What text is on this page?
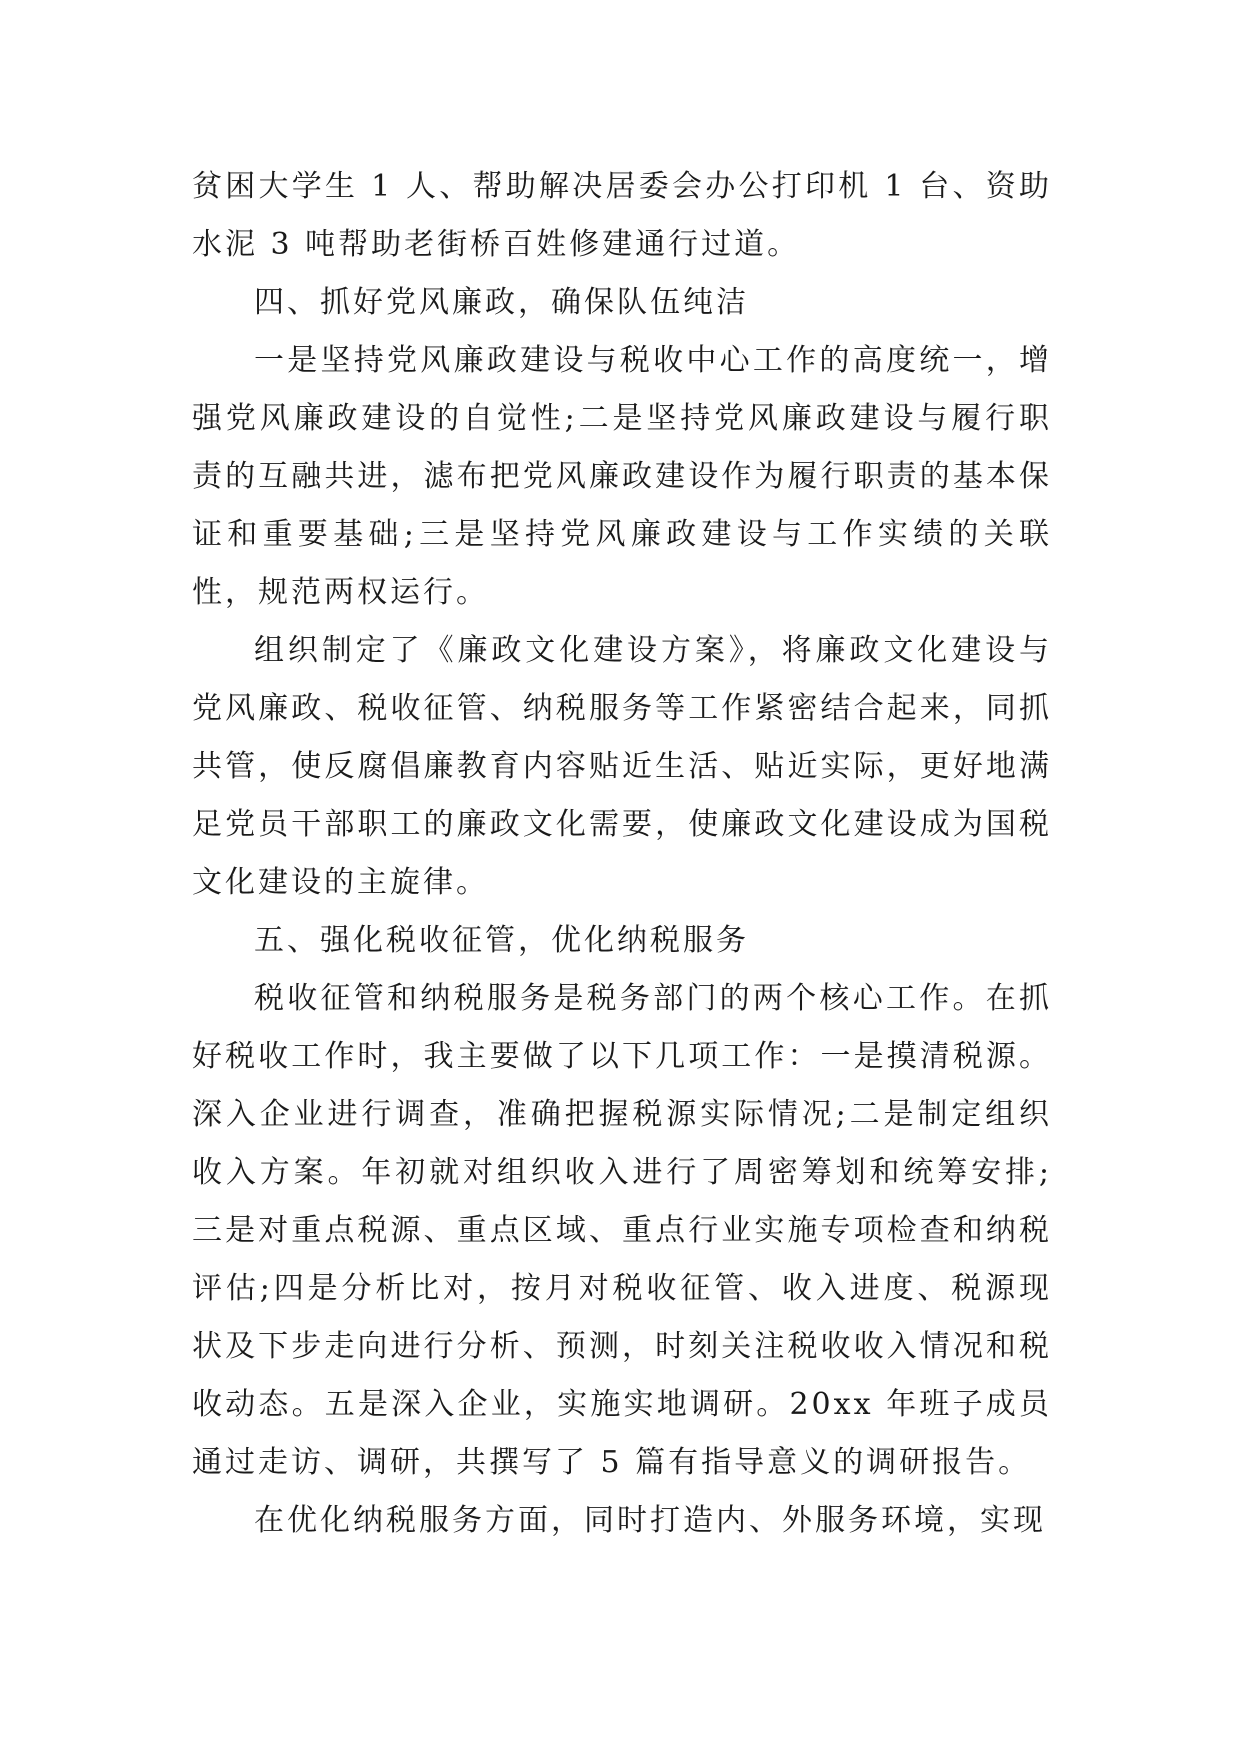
贫困大学生 1 人、帮助解决居委会办公打印机 1 台、资助水泥 3 吨帮助老街桥百姓修建通行过道。

四、抓好党风廉政，确保队伍纯洁

一是坚持党风廉政建设与税收中心工作的高度统一，增强党风廉政建设的自觉性;二是坚持党风廉政建设与履行职责的互融共进，滤布把党风廉政建设作为履行职责的基本保证和重要基础;三是坚持党风廉政建设与工作实绩的关联性，规范两权运行。

组织制定了《廉政文化建设方案》，将廉政文化建设与党风廉政、税收征管、纳税服务等工作紧密结合起来，同抓共管，使反腐倡廉教育内容贴近生活、贴近实际，更好地满足党员干部职工的廉政文化需要，使廉政文化建设成为国税文化建设的主旋律。

五、强化税收征管，优化纳税服务

税收征管和纳税服务是税务部门的两个核心工作。在抓好税收工作时，我主要做了以下几项工作：一是摸清税源。深入企业进行调查，准确把握税源实际情况;二是制定组织收入方案。年初就对组织收入进行了周密筹划和统筹安排;三是对重点税源、重点区域、重点行业实施专项检查和纳税评估;四是分析比对，按月对税收征管、收入进度、税源现状及下步走向进行分析、预测，时刻关注税收收入情况和税收动态。五是深入企业，实施实地调研。20xx 年班子成员通过走访、调研，共撰写了 5 篇有指导意义的调研报告。

在优化纳税服务方面，同时打造内、外服务环境，实现
